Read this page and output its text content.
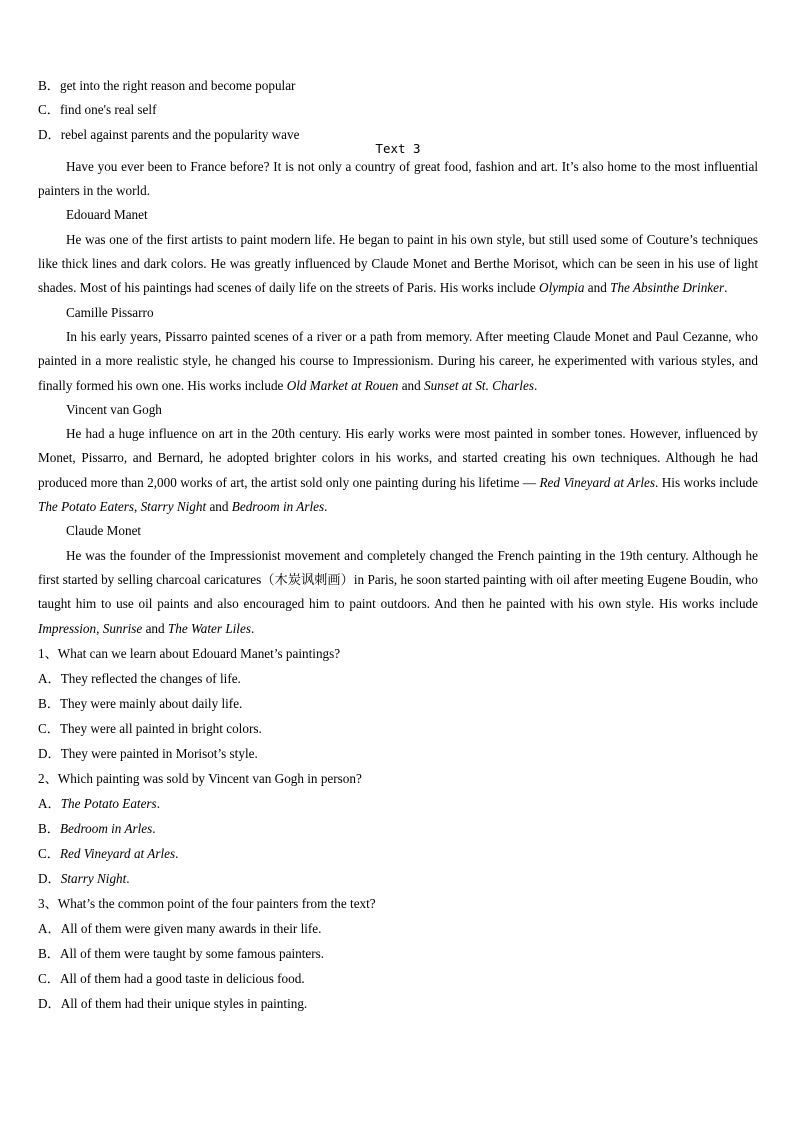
B．get into the right reason and become popular
C．find one's real self
D．rebel against parents and the popularity wave
Text 3
Have you ever been to France before? It is not only a country of great food, fashion and art. It’s also home to the most influential painters in the world.
Edouard Manet
He was one of the first artists to paint modern life. He began to paint in his own style, but still used some of Couture’s techniques like thick lines and dark colors. He was greatly influenced by Claude Monet and Berthe Morisot, which can be seen in his use of light shades. Most of his paintings had scenes of daily life on the streets of Paris. His works include Olympia and The Absinthe Drinker.
Camille Pissarro
In his early years, Pissarro painted scenes of a river or a path from memory. After meeting Claude Monet and Paul Cezanne, who painted in a more realistic style, he changed his course to Impressionism. During his career, he experimented with various styles, and finally formed his own one. His works include Old Market at Rouen and Sunset at St. Charles.
Vincent van Gogh
He had a huge influence on art in the 20th century. His early works were most painted in somber tones. However, influenced by Monet, Pissarro, and Bernard, he adopted brighter colors in his works, and started creating his own techniques. Although he had produced more than 2,000 works of art, the artist sold only one painting during his lifetime — Red Vineyard at Arles. His works include The Potato Eaters, Starry Night and Bedroom in Arles.
Claude Monet
He was the founder of the Impressionist movement and completely changed the French painting in the 19th century. Although he first started by selling charcoal caricatures（木炭讽刺画）in Paris, he soon started painting with oil after meeting Eugene Boudin, who taught him to use oil paints and also encouraged him to paint outdoors. And then he painted with his own style. His works include Impression, Sunrise and The Water Liles.
1、What can we learn about Edouard Manet’s paintings?
A．They reflected the changes of life.
B．They were mainly about daily life.
C．They were all painted in bright colors.
D．They were painted in Morisot’s style.
2、Which painting was sold by Vincent van Gogh in person?
A．The Potato Eaters.
B．Bedroom in Arles.
C．Red Vineyard at Arles.
D．Starry Night.
3、What’s the common point of the four painters from the text?
A．All of them were given many awards in their life.
B．All of them were taught by some famous painters.
C．All of them had a good taste in delicious food.
D．All of them had their unique styles in painting.
